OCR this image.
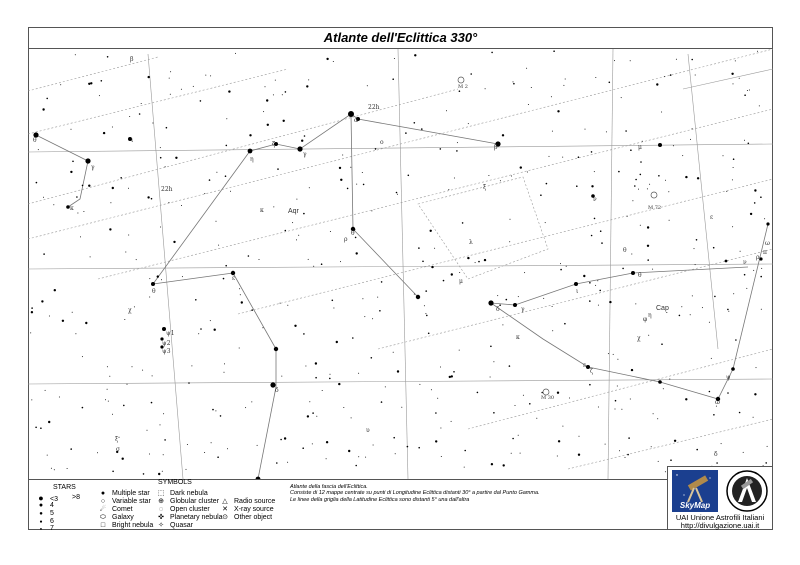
Atlante dell'Eclittica 330°
22h
22h
Aqr
Cap
M 2
M 72
M 30
β
θ
γ
κ
ι
η
ζ
γ
α
β
ε
θ
χ
ψ1
ψ2
ψ3
δ
κ
ρ
θ
μ
γ
δ
κ
ε
ζ
θ
ι
θ
μ
φ
χ
η
ν
ε
ν
ρ
π
ω
ψ
ω
ο
ξ
υ
ξ
λ
σ
δ
STARS
● <3 >8
● 4
● 5
● 6
● 7
SYMBOLS
● Multiple star
○ Variable star
☄ Comet
⬭ Galaxy
□ Bright nebula
⬚ Dark nebula
⊕ Globular cluster
◌ Open cluster
✜ Planetary nebula
✧ Quasar
△ Radio source
✕ X-ray source
⊙ Other object
Atlante della fascia dell'Eclittica.
Consiste di 12 mappe centrate su punti di Longitudine Eclittica distanti 30° a partire dal Punto Gamma.
Le linee della griglia della Latitudine Eclittica sono distanti 5° una dall'altra
SkyMap
UAI Unione Astrofili Italiani
http://divulgazione.uai.it
